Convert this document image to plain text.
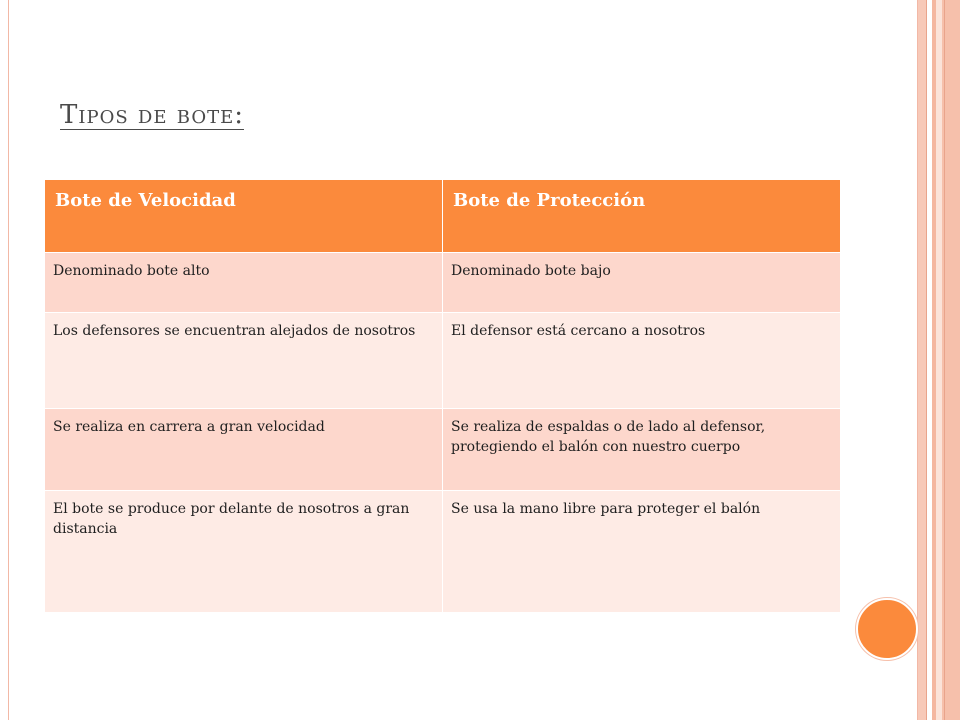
Tipos de bote:
Bote de Velocidad	Bote de Protección
Denominado bote alto	Denominado bote bajo
Los defensores se encuentran alejados de nosotros	El defensor está cercano a nosotros
Se realiza en carrera a gran velocidad	Se realiza de espaldas o de lado al defensor, protegiendo el balón con nuestro cuerpo
El bote se produce por delante de nosotros a gran distancia	Se usa la mano libre para proteger el balón
